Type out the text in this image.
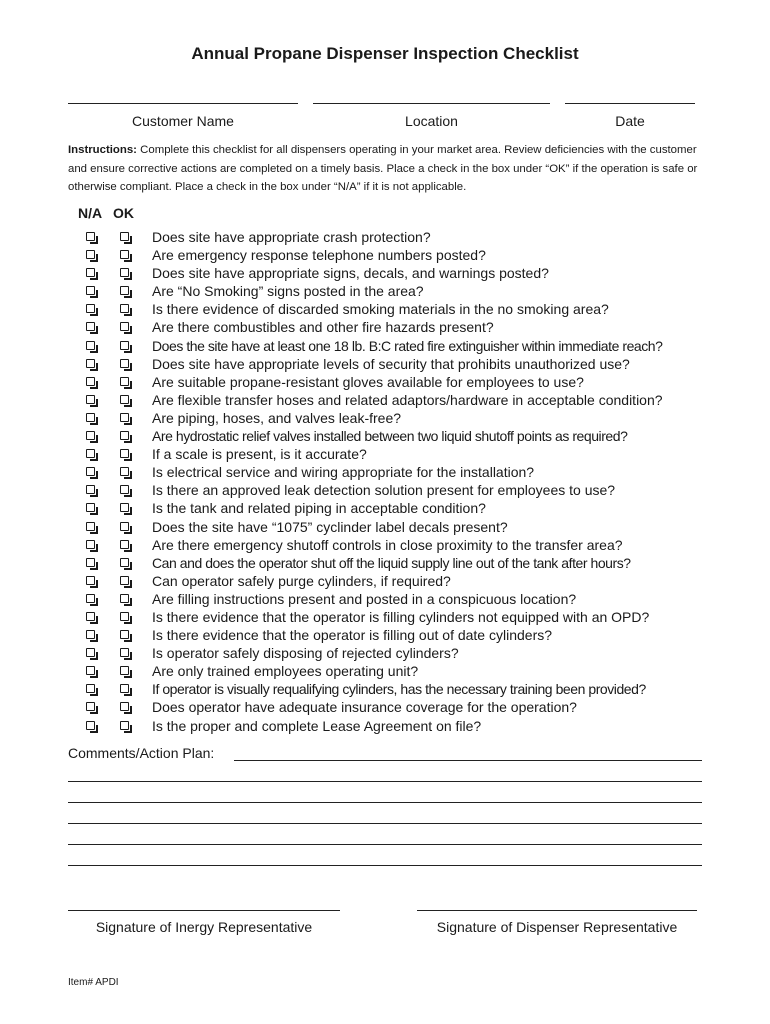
Annual Propane Dispenser Inspection Checklist
Customer Name	Location	Date
Instructions: Complete this checklist for all dispensers operating in your market area. Review deficiencies with the customer and ensure corrective actions are completed on a timely basis. Place a check in the box under “OK” if the operation is safe or otherwise compliant. Place a check in the box under “N/A” if it is not applicable.
N/A OK
Does site have appropriate crash protection?
Are emergency response telephone numbers posted?
Does site have appropriate signs, decals, and warnings posted?
Are “No Smoking” signs posted in the area?
Is there evidence of discarded smoking materials in the no smoking area?
Are there combustibles and other fire hazards present?
Does the site have at least one 18 lb. B:C rated fire extinguisher within immediate reach?
Does site have appropriate levels of security that prohibits unauthorized use?
Are suitable propane-resistant gloves available for employees to use?
Are flexible transfer hoses and related adaptors/hardware in acceptable condition?
Are piping, hoses, and valves leak-free?
Are hydrostatic relief valves installed between two liquid shutoff points as required?
If a scale is present, is it accurate?
Is electrical service and wiring appropriate for the installation?
Is there an approved leak detection solution present for employees to use?
Is the tank and related piping in acceptable condition?
Does the site have “1075” cyclinder label decals present?
Are there emergency shutoff controls in close proximity to the transfer area?
Can and does the operator shut off the liquid supply line out of the tank after hours?
Can operator safely purge cylinders, if required?
Are filling instructions present and posted in a conspicuous location?
Is there evidence that the operator is filling cylinders not equipped with an OPD?
Is there evidence that the operator is filling out of date cylinders?
Is operator safely disposing of rejected cylinders?
Are only trained employees operating unit?
If operator is visually requalifying cylinders, has the necessary training been provided?
Does operator have adequate insurance coverage for the operation?
Is the proper and complete Lease Agreement on file?
Comments/Action Plan:
Signature of Inergy Representative	Signature of Dispenser Representative
Item# APDI
